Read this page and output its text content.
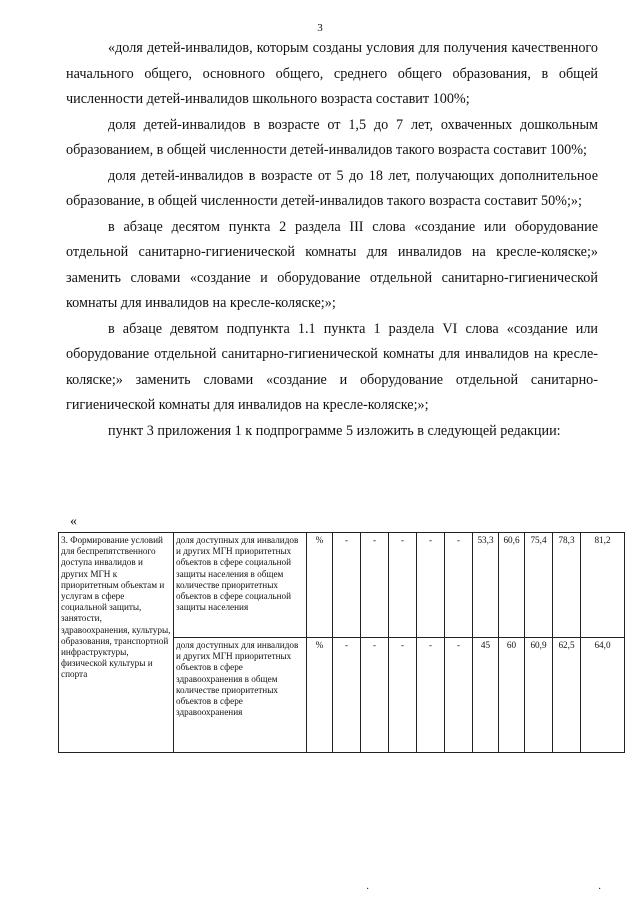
3

«доля детей-инвалидов, которым созданы условия для получения качественного начального общего, основного общего, среднего общего образования, в общей численности детей-инвалидов школьного возраста составит 100%;

доля детей-инвалидов в возрасте от 1,5 до 7 лет, охваченных дошкольным образованием, в общей численности детей-инвалидов такого возраста составит 100%;

доля детей-инвалидов в возрасте от 5 до 18 лет, получающих дополнительное образование, в общей численности детей-инвалидов такого возраста составит 50%;»;

в абзаце десятом пункта 2 раздела III слова «создание или оборудование отдельной санитарно-гигиенической комнаты для инвалидов на кресле-коляске;» заменить словами «создание и оборудование отдельной санитарно-гигиенической комнаты для инвалидов на кресле-коляске;»;

в абзаце девятом подпункта 1.1 пункта 1 раздела VI слова «создание или оборудование отдельной санитарно-гигиенической комнаты для инвалидов на кресле-коляске;» заменить словами «создание и оборудование отдельной санитарно-гигиенической комнаты для инвалидов на кресле-коляске;»;

пункт 3 приложения 1 к подпрограмме 5 изложить в следующей редакции:

«
3. Формирование условий для беспрепятственного доступа инвалидов и других МГН к приоритетным объектам и услугам в сфере социальной защиты, занятости, здравоохранения, культуры, образования, транспортной инфраструктуры, физической культуры и спорта	доля доступных для инвалидов и других МГН приоритетных объектов в сфере социальной защиты населения в общем количестве приоритетных объектов в сфере социальной защиты населения	%	-	-	-	-	-	53,3	60,6	75,4	78,3	81,2
	доля доступных для инвалидов и других МГН приоритетных объектов в сфере здравоохранения в общем количестве приоритетных объектов в сфере здравоохранения	%	-	-	-	-	-	45	60	60,9	62,5	64,0
·	·
